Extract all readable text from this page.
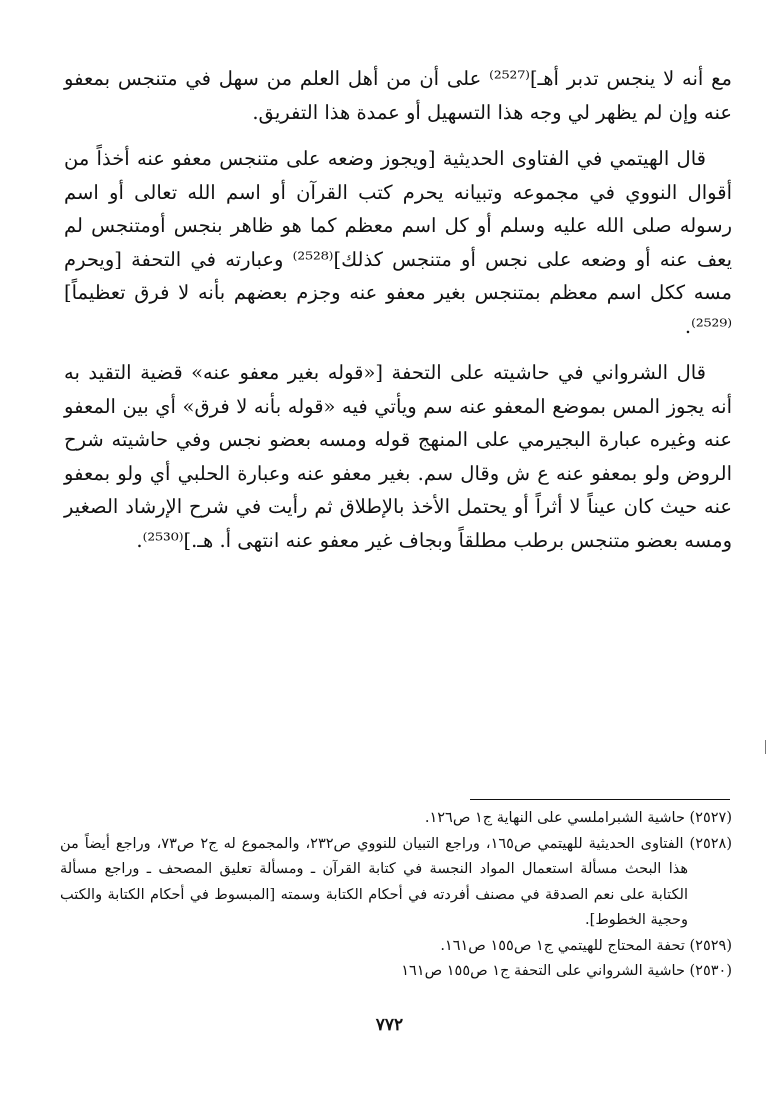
مع أنه لا ينجس تدبر أهـ]⁽²⁵²⁷⁾ على أن من أهل العلم من سهل في متنجس بمعفو عنه وإن لم يظهر لي وجه هذا التسهيل أو عمدة هذا التفريق.

قال الهيتمي في الفتاوى الحديثية [ويجوز وضعه على متنجس معفو عنه أخذاً من أقوال النووي في مجموعه وتبيانه يحرم كتب القرآن أو اسم الله تعالى أو اسم رسوله صلى الله عليه وسلم أو كل اسم معظم كما هو ظاهر بنجس أومتنجس لم يعف عنه أو وضعه على نجس أو متنجس كذلك]⁽²⁵²⁸⁾ وعبارته في التحفة [ويحرم مسه ككل اسم معظم بمتنجس بغير معفو عنه وجزم بعضهم بأنه لا فرق تعظيماً]⁽²⁵²⁹⁾.

قال الشرواني في حاشيته على التحفة [«قوله بغير معفو عنه» قضية التقيد به أنه يجوز المس بموضع المعفو عنه سم ويأتي فيه «قوله بأنه لا فرق» أي بين المعفو عنه وغيره عبارة البجيرمي على المنهج قوله ومسه بعضو نجس وفي حاشيته شرح الروض ولو بمعفو عنه ع ش وقال سم. بغير معفو عنه وعبارة الحلبي أي ولو بمعفو عنه حيث كان عيناً لا أثراً أو يحتمل الأخذ بالإطلاق ثم رأيت في شرح الإرشاد الصغير ومسه بعضو متنجس برطب مطلقاً وبجاف غير معفو عنه انتهى أ. هـ.]⁽²⁵³⁰⁾.

(٢٥٢٧) حاشية الشبراملسي على النهاية ج١ ص١٢٦.

(٢٥٢٨) الفتاوى الحديثية للهيتمي ص١٦٥، وراجع التبيان للنووي ص٢٣٢، والمجموع له ج٢ ص٧٣، وراجع أيضاً من هذا البحث مسألة استعمال المواد النجسة في كتابة القرآن ـ ومسألة تعليق المصحف ـ وراجع مسألة الكتابة على نعم الصدقة في مصنف أفردته في أحكام الكتابة وسمته [المبسوط في أحكام الكتابة والكتب وحجية الخطوط].

(٢٥٢٩) تحفة المحتاج للهيتمي ج١ ص١٥٥ ص١٦١.

(٢٥٣٠) حاشية الشرواني على التحفة ج١ ص١٥٥ ص١٦١

٧٧٢
